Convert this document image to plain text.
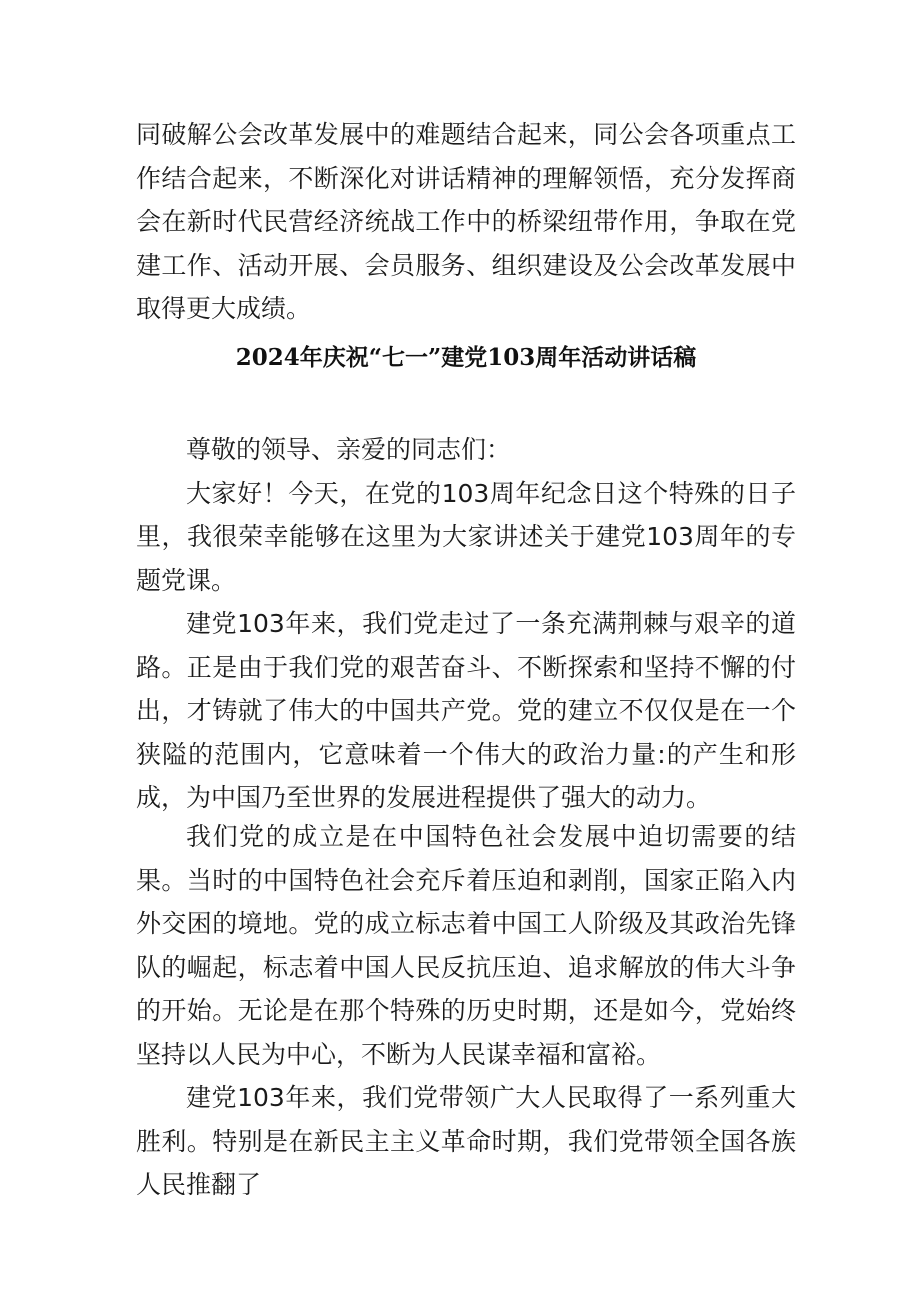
同破解公会改革发展中的难题结合起来，同公会各项重点工作结合起来，不断深化对讲话精神的理解领悟，充分发挥商会在新时代民营经济统战工作中的桥梁纽带作用，争取在党建工作、活动开展、会员服务、组织建设及公会改革发展中取得更大成绩。

2024年庆祝“七一”建党103周年活动讲话稿

尊敬的领导、亲爱的同志们：

大家好！今天，在党的103周年纪念日这个特殊的日子里，我很荣幸能够在这里为大家讲述关于建党103周年的专题党课。

建党103年来，我们党走过了一条充满荆棘与艰辛的道路。正是由于我们党的艰苦奋斗、不断探索和坚持不懈的付出，才铸就了伟大的中国共产党。党的建立不仅仅是在一个狭隘的范围内，它意味着一个伟大的政治力量:的产生和形成，为中国乃至世界的发展进程提供了强大的动力。

我们党的成立是在中国特色社会发展中迫切需要的结果。当时的中国特色社会充斥着压迫和剥削，国家正陷入内外交困的境地。党的成立标志着中国工人阶级及其政治先锋队的崛起，标志着中国人民反抗压迫、追求解放的伟大斗争的开始。无论是在那个特殊的历史时期，还是如今，党始终坚持以人民为中心，不断为人民谋幸福和富裕。

建党103年来，我们党带领广大人民取得了一系列重大胜利。特别是在新民主主义革命时期，我们党带领全国各族人民推翻了
